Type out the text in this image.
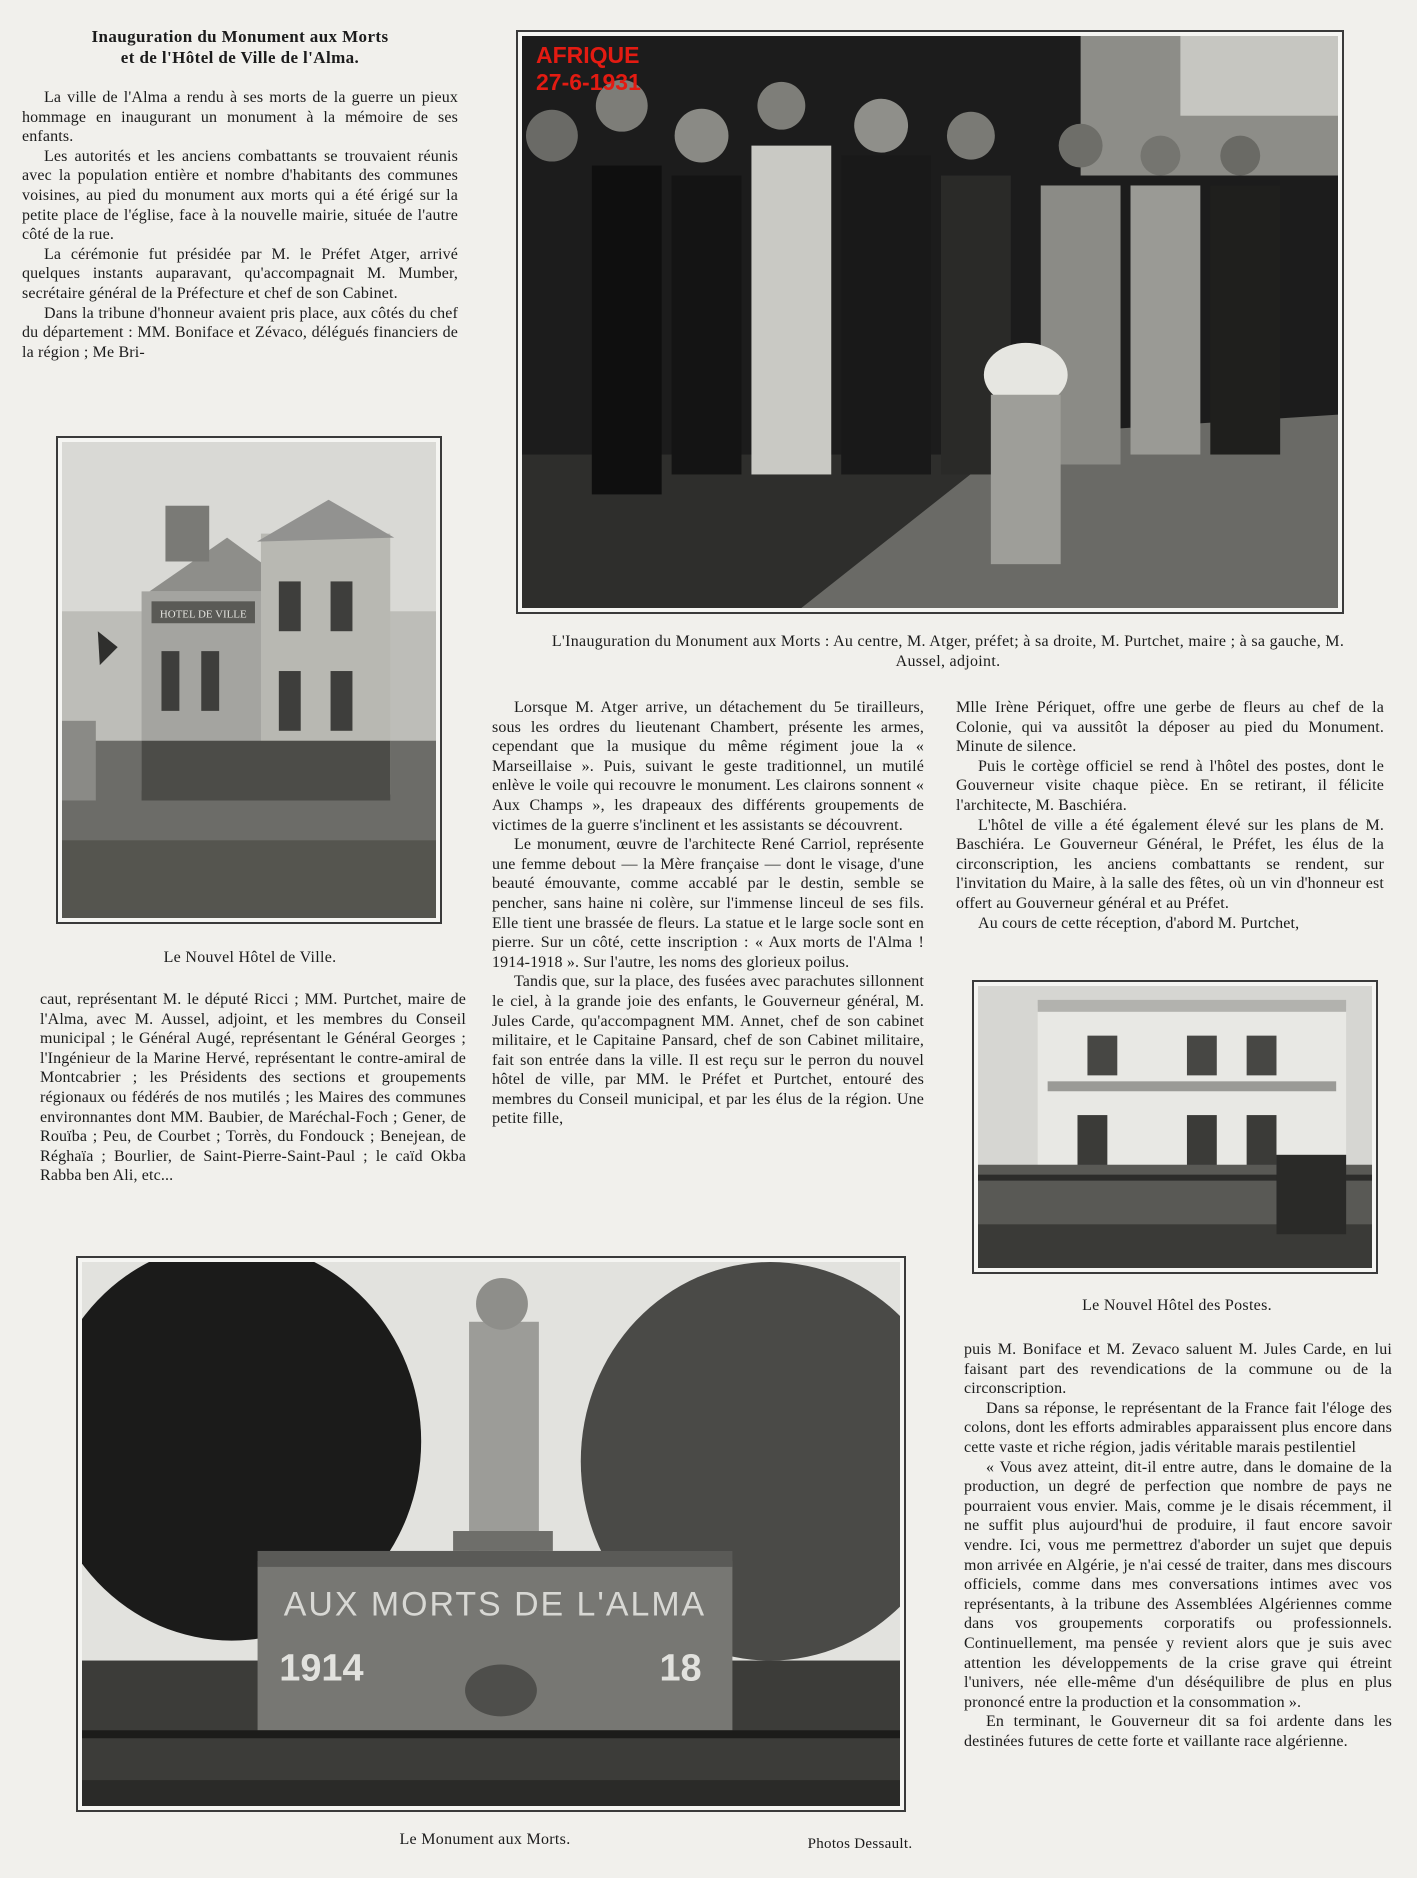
Inauguration du Monument aux Morts
et de l'Hôtel de Ville de l'Alma.

La ville de l'Alma a rendu à ses morts de la guerre un pieux hommage en inaugurant un monument à la mémoire de ses enfants.

Les autorités et les anciens combattants se trouvaient réunis avec la population entière et nombre d'habitants des communes voisines, au pied du monument aux morts qui a été érigé sur la petite place de l'église, face à la nouvelle mairie, située de l'autre côté de la rue.

La cérémonie fut présidée par M. le Préfet Atger, arrivé quelques instants auparavant, qu'accompagnait M. Mumber, secrétaire général de la Préfecture et chef de son Cabinet.

Dans la tribune d'honneur avaient pris place, aux côtés du chef du département : MM. Boniface et Zévaco, délégués financiers de la région ; Me Bri-

HOTEL DE VILLE
Le Nouvel Hôtel de Ville.

caut, représentant M. le député Ricci ; MM. Purtchet, maire de l'Alma, avec M. Aussel, adjoint, et les membres du Conseil municipal ; le Général Augé, représentant le Général Georges ; l'Ingénieur de la Marine Hervé, représentant le contre-amiral de Montcabrier ; les Présidents des sections et groupements régionaux ou fédérés de nos mutilés ; les Maires des communes environnantes dont MM. Baubier, de Maréchal-Foch ; Gener, de Rouïba ; Peu, de Courbet ; Torrès, du Fondouck ; Benejean, de Réghaïa ; Bourlier, de Saint-Pierre-Saint-Paul ; le caïd Okba Rabba ben Ali, etc...

AFRIQUE
27-6-1931
L'Inauguration du Monument aux Morts : Au centre, M. Atger, préfet; à sa droite, M. Purtchet, maire ; à sa gauche, M. Aussel, adjoint.

Lorsque M. Atger arrive, un détachement du 5e tirailleurs, sous les ordres du lieutenant Chambert, présente les armes, cependant que la musique du même régiment joue la « Marseillaise ». Puis, suivant le geste traditionnel, un mutilé enlève le voile qui recouvre le monument. Les clairons sonnent « Aux Champs », les drapeaux des différents groupements de victimes de la guerre s'inclinent et les assistants se découvrent.

Le monument, œuvre de l'architecte René Carriol, représente une femme debout — la Mère française — dont le visage, d'une beauté émouvante, comme accablé par le destin, semble se pencher, sans haine ni colère, sur l'immense linceul de ses fils. Elle tient une brassée de fleurs. La statue et le large socle sont en pierre. Sur un côté, cette inscription : « Aux morts de l'Alma ! 1914-1918 ». Sur l'autre, les noms des glorieux poilus.

Tandis que, sur la place, des fusées avec parachutes sillonnent le ciel, à la grande joie des enfants, le Gouverneur général, M. Jules Carde, qu'accompagnent MM. Annet, chef de son cabinet militaire, et le Capitaine Pansard, chef de son Cabinet militaire, fait son entrée dans la ville. Il est reçu sur le perron du nouvel hôtel de ville, par MM. le Préfet et Purtchet, entouré des membres du Conseil municipal, et par les élus de la région. Une petite fille,

Mlle Irène Périquet, offre une gerbe de fleurs au chef de la Colonie, qui va aussitôt la déposer au pied du Monument. Minute de silence.

Puis le cortège officiel se rend à l'hôtel des postes, dont le Gouverneur visite chaque pièce. En se retirant, il félicite l'architecte, M. Baschiéra.

L'hôtel de ville a été également élevé sur les plans de M. Baschiéra. Le Gouverneur Général, le Préfet, les élus de la circonscription, les anciens combattants se rendent, sur l'invitation du Maire, à la salle des fêtes, où un vin d'honneur est offert au Gouverneur général et au Préfet.

Au cours de cette réception, d'abord M. Purtchet,

Le Nouvel Hôtel des Postes.
AUX MORTS DE L'ALMA
1914	18
Le Monument aux Morts.	Photos Dessault.

puis M. Boniface et M. Zevaco saluent M. Jules Carde, en lui faisant part des revendications de la commune ou de la circonscription.

Dans sa réponse, le représentant de la France fait l'éloge des colons, dont les efforts admirables apparaissent plus encore dans cette vaste et riche région, jadis véritable marais pestilentiel

« Vous avez atteint, dit-il entre autre, dans le domaine de la production, un degré de perfection que nombre de pays ne pourraient vous envier. Mais, comme je le disais récemment, il ne suffit plus aujourd'hui de produire, il faut encore savoir vendre. Ici, vous me permettrez d'aborder un sujet que depuis mon arrivée en Algérie, je n'ai cessé de traiter, dans mes discours officiels, comme dans mes conversations intimes avec vos représentants, à la tribune des Assemblées Algériennes comme dans vos groupements corporatifs ou professionnels. Continuellement, ma pensée y revient alors que je suis avec attention les développements de la crise grave qui étreint l'univers, née elle-même d'un déséquilibre de plus en plus prononcé entre la production et la consommation ».

En terminant, le Gouverneur dit sa foi ardente dans les destinées futures de cette forte et vaillante race algérienne.
